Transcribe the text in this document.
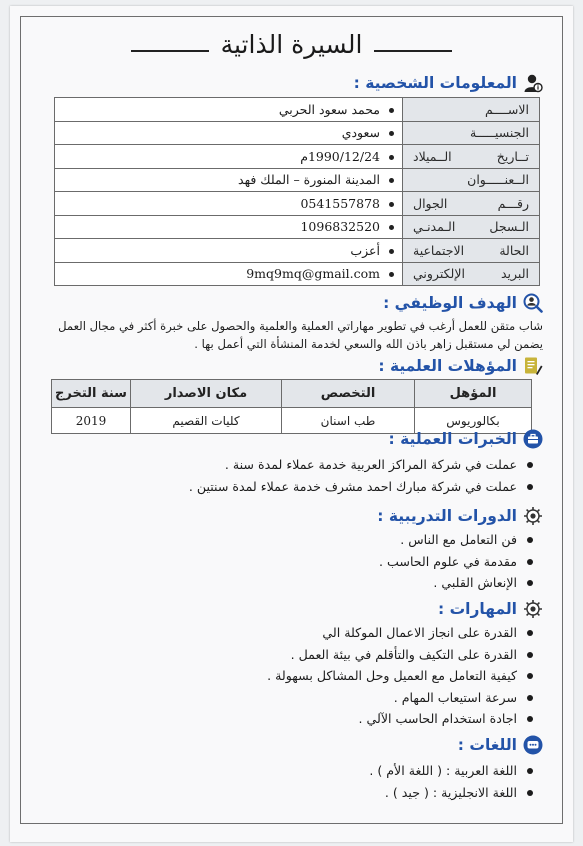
السيرة الذاتية
المعلومات الشخصية :
الاســــم	محمد سعود الحربي
الجنسيـــــة	سعودي
تــاريخ الــميلاد	1990/12/24م
الــعنـــــوان	المدينة المنورة – الملك فهد
رقـــم الجوال	0541557878
الـسجل الـمدنـي	1096832520
الحالة الاجتماعية	أعزب
البريد الإلكتروني	9mq9mq@gmail.com
الهدف الوظيفي :
شاب متقن للعمل أرغب في تطوير مهاراتي العملية والعلمية والحصول على خبرة أكثر في مجال العمل يضمن لي مستقبل زاهر باذن الله والسعي لخدمة المنشأة التي أعمل بها .
المؤهلات العلمية :
المؤهل	التخصص	مكان الاصدار	سنة التخرج
بكالوريوس	طب اسنان	كليات القصيم	2019
الخبرات العملية :
عملت في شركة المراكز العربية خدمة عملاء لمدة سنة .
عملت في شركة مبارك احمد مشرف خدمة عملاء لمدة سنتين .
الدورات التدريبية :
فن التعامل مع الناس .
مقدمة في علوم الحاسب .
الإنعاش القلبي .
المهارات :
القدرة على انجاز الاعمال الموكلة الي
القدرة على التكيف والتأقلم في بيئة العمل .
كيفية التعامل مع العميل وحل المشاكل بسهولة .
سرعة استيعاب المهام .
اجادة استخدام الحاسب الآلي .
اللغات :
اللغة العربية : ( اللغة الأم ) .
اللغة الانجليزية : ( جيد ) .
